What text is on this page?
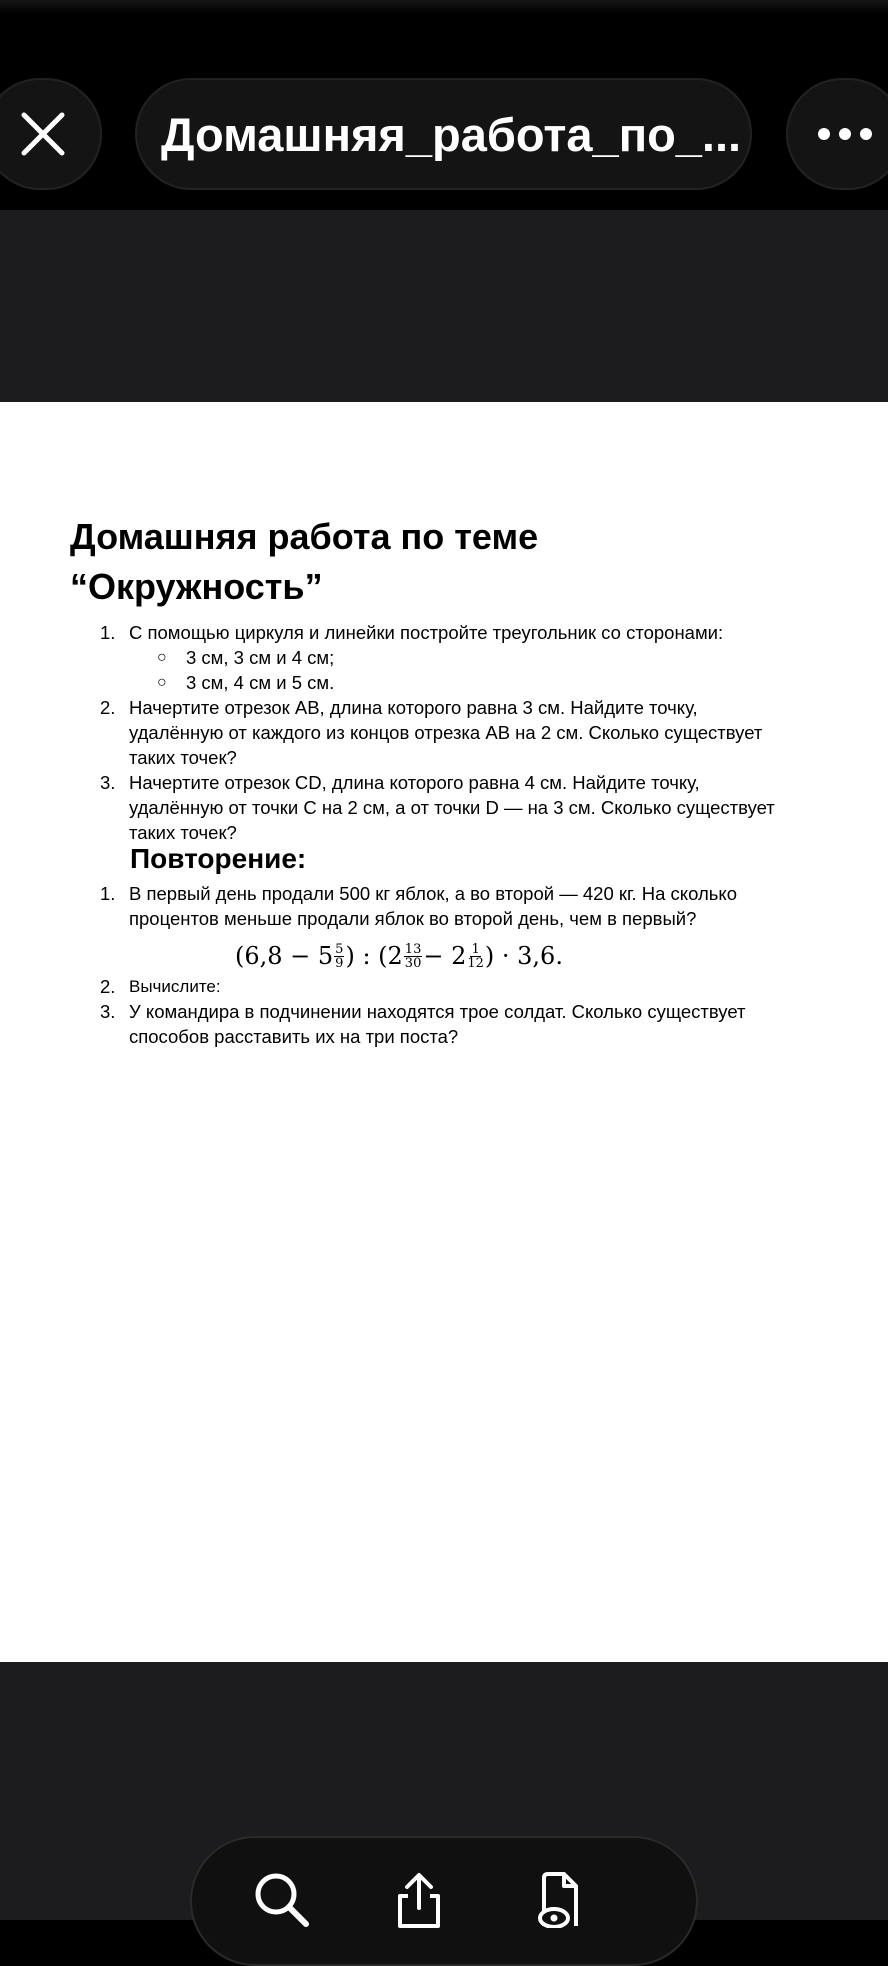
Домашняя_работа_по_...
Домашняя работа по теме
“Окружность”
1. С помощью циркуля и линейки постройте треугольник со сторонами:
○ 3 см, 3 см и 4 см;
○ 3 см, 4 см и 5 см.
2. Начертите отрезок АВ, длина которого равна 3 см. Найдите точку,
удалённую от каждого из концов отрезка АВ на 2 см. Сколько существует
таких точек?
3. Начертите отрезок CD, длина которого равна 4 см. Найдите точку,
удалённую от точки С на 2 см, а от точки D — на 3 см. Сколько существует
таких точек?
Повторение:
1. В первый день продали 500 кг яблок, а во второй — 420 кг. На сколько
процентов меньше продали яблок во второй день, чем в первый?
($6,8 - 5 \frac{5}{9}$ ) : ($2 \frac{13}{30} - 2 \frac{1}{12}$ ) · 3,6.
2. Вычислите:
3. У командира в подчинении находятся трое солдат. Сколько существует
способов расставить их на три поста?
